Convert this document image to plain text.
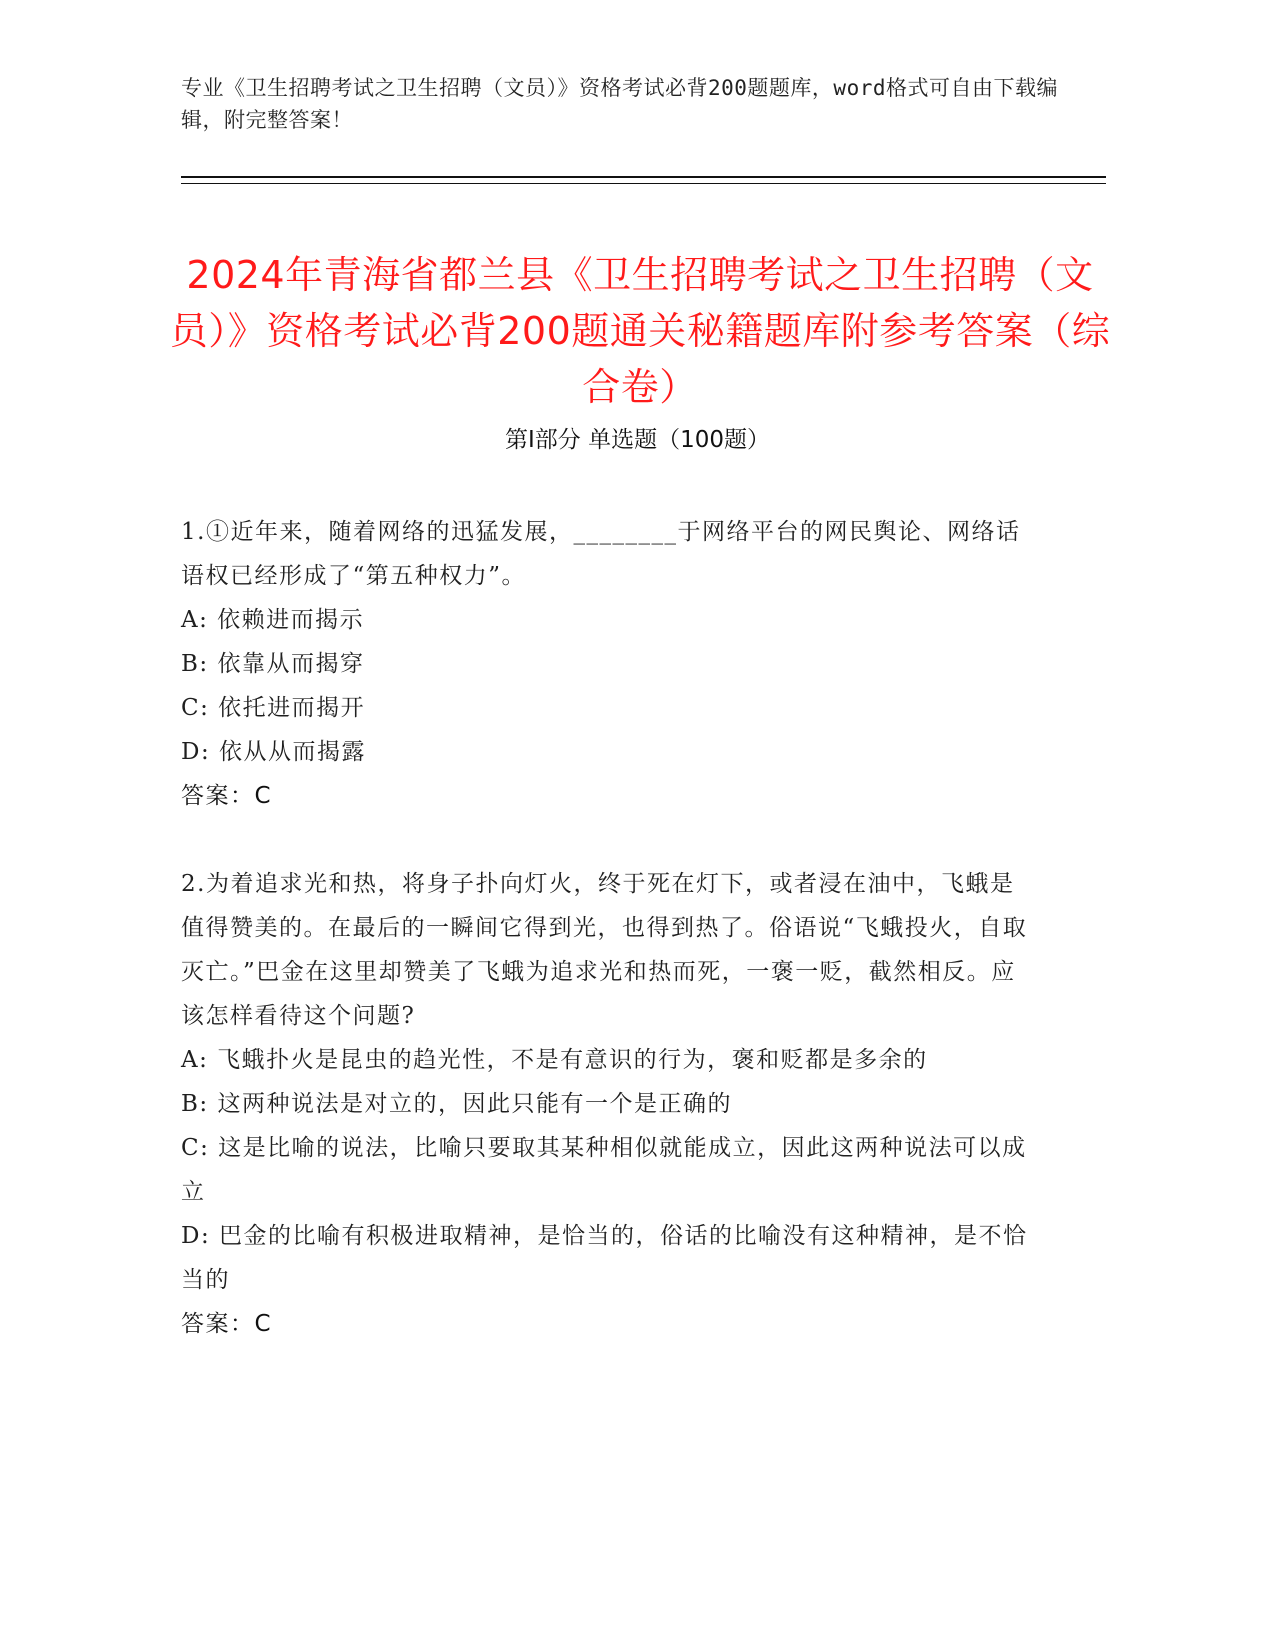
专业《卫生招聘考试之卫生招聘（文员）》资格考试必背200题题库，word格式可自由下载编辑，附完整答案！
2024年青海省都兰县《卫生招聘考试之卫生招聘（文员）》资格考试必背200题通关秘籍题库附参考答案（综合卷）
第I部分 单选题（100题）

1.①近年来，随着网络的迅猛发展，________于网络平台的网民舆论、网络话语权已经形成了“第五种权力”。

A: 依赖进而揭示

B: 依靠从而揭穿

C: 依托进而揭开

D: 依从从而揭露

答案：C

2.为着追求光和热，将身子扑向灯火，终于死在灯下，或者浸在油中，飞蛾是值得赞美的。在最后的一瞬间它得到光，也得到热了。俗语说“飞蛾投火，自取灭亡。”巴金在这里却赞美了飞蛾为追求光和热而死，一褒一贬，截然相反。应该怎样看待这个问题?

A: 飞蛾扑火是昆虫的趋光性，不是有意识的行为，褒和贬都是多余的

B: 这两种说法是对立的，因此只能有一个是正确的

C: 这是比喻的说法，比喻只要取其某种相似就能成立，因此这两种说法可以成立

D: 巴金的比喻有积极进取精神，是恰当的，俗话的比喻没有这种精神，是不恰当的

答案：C
